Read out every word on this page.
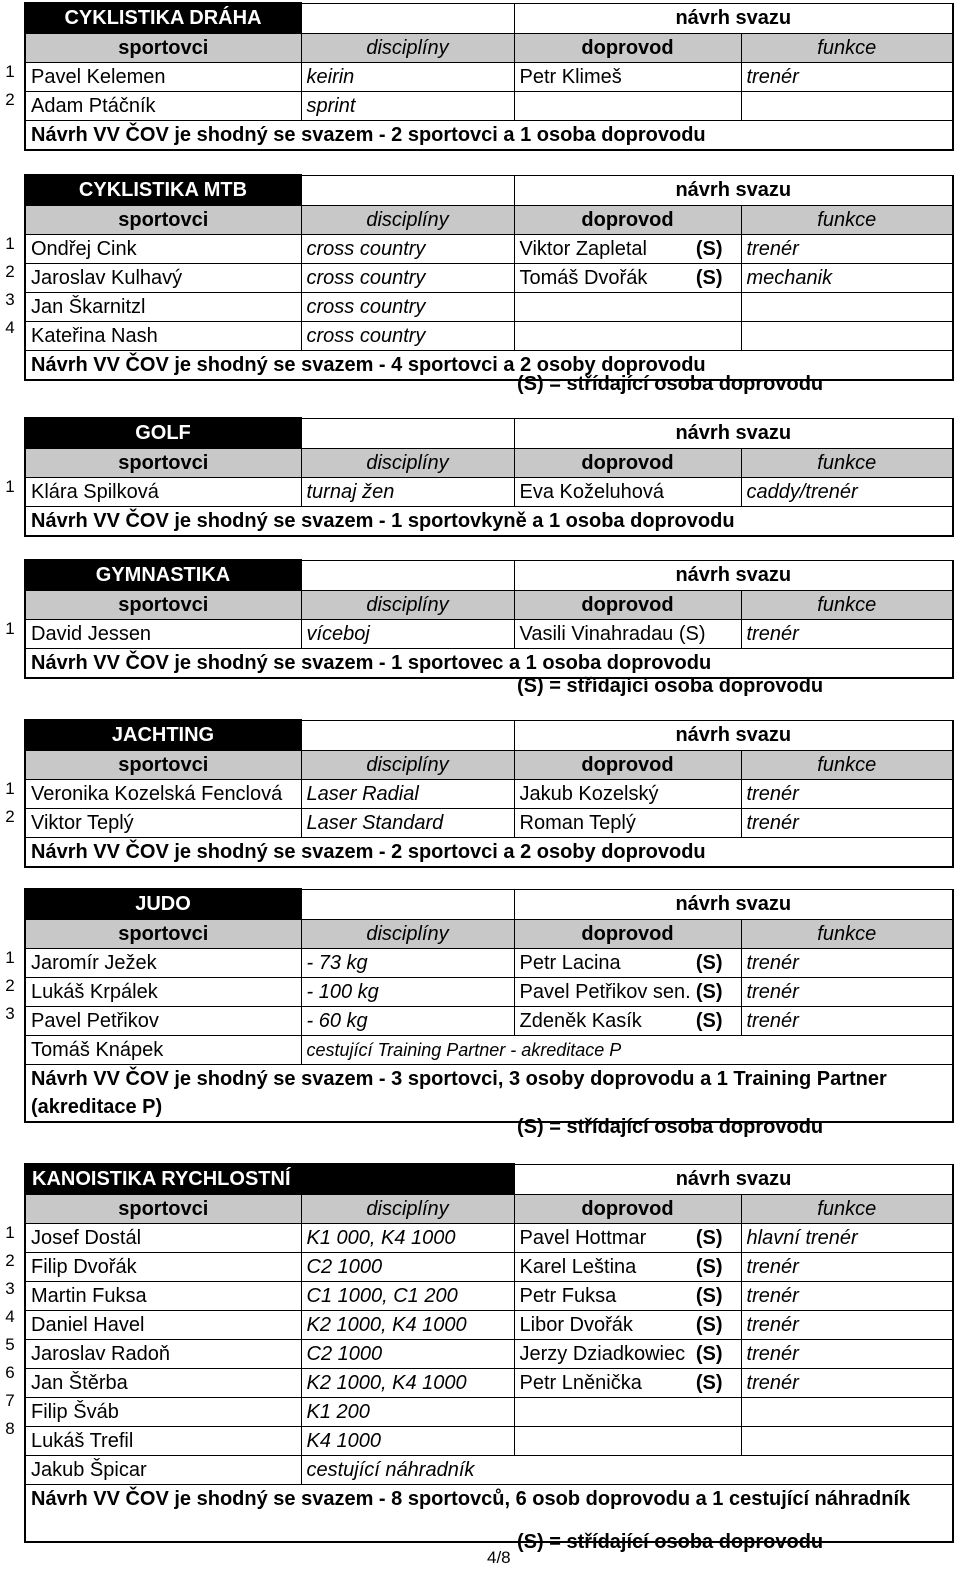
1
2
CYKLISTIKA DRÁHA		návrh svazu	
sportovci	disciplíny	doprovod	funkce
Pavel Kelemen	keirin	Petr Klimeš	trenér
Adam Ptáčník	sprint		
Návrh VV ČOV je shodný se svazem - 2 sportovci a 1 osoba doprovodu			
1
2
3
4
CYKLISTIKA MTB		návrh svazu	
sportovci	disciplíny	doprovod	funkce
Ondřej Cink	cross country	Viktor Zapletal (S)	trenér
Jaroslav Kulhavý	cross country	Tomáš Dvořák (S)	mechanik
Jan Škarnitzl	cross country		
Kateřina Nash	cross country		
Návrh VV ČOV je shodný se svazem - 4 sportovci a 2 osoby doprovodu			
(S) = střídající osoba doprovodu
1
GOLF		návrh svazu	
sportovci	disciplíny	doprovod	funkce
Klára Spilková	turnaj žen	Eva Koželuhová	caddy/trenér
Návrh VV ČOV je shodný se svazem - 1 sportovkyně a 1 osoba doprovodu			
1
GYMNASTIKA		návrh svazu	
sportovci	disciplíny	doprovod	funkce
David Jessen	víceboj	Vasili Vinahradau (S)	trenér
Návrh VV ČOV je shodný se svazem - 1 sportovec a 1 osoba doprovodu			
(S) = střídající osoba doprovodu
1
2
JACHTING		návrh svazu	
sportovci	disciplíny	doprovod	funkce
Veronika Kozelská Fenclová	Laser Radial	Jakub Kozelský	trenér
Viktor Teplý	Laser Standard	Roman Teplý	trenér
Návrh VV ČOV je shodný se svazem - 2 sportovci a 2 osoby doprovodu			
1
2
3
JUDO		návrh svazu	
sportovci	disciplíny	doprovod	funkce
Jaromír Ježek	- 73 kg	Petr Lacina (S)	trenér
Lukáš Krpálek	- 100 kg	Pavel Petřikov sen. (S)	trenér
Pavel Petřikov	- 60 kg	Zdeněk Kasík (S)	trenér
Tomáš Knápek	cestující Training Partner - akreditace P		
Návrh VV ČOV je shodný se svazem - 3 sportovci, 3 osoby doprovodu a 1 Training Partner (akreditace P)			
(S) = střídající osoba doprovodu
1
2
3
4
5
6
7
8
KANOISTIKA RYCHLOSTNÍ		návrh svazu	
sportovci	disciplíny	doprovod	funkce
Josef Dostál	K1 000, K4 1000	Pavel Hottmar (S)	hlavní trenér
Filip Dvořák	C2 1000	Karel Leština (S)	trenér
Martin Fuksa	C1 1000, C1 200	Petr Fuksa (S)	trenér
Daniel Havel	K2 1000, K4 1000	Libor Dvořák (S)	trenér
Jaroslav Radoň	C2 1000	Jerzy Dziadkowiec (S)	trenér
Jan Štěrba	K2 1000, K4 1000	Petr Lněnička (S)	trenér
Filip Šváb	K1 200		
Lukáš Trefil	K4 1000		
Jakub Špicar	cestující náhradník		
Návrh VV ČOV je shodný se svazem - 8 sportovců, 6 osob doprovodu a 1 cestující náhradník			
(S) = střídající osoba doprovodu
4/8
